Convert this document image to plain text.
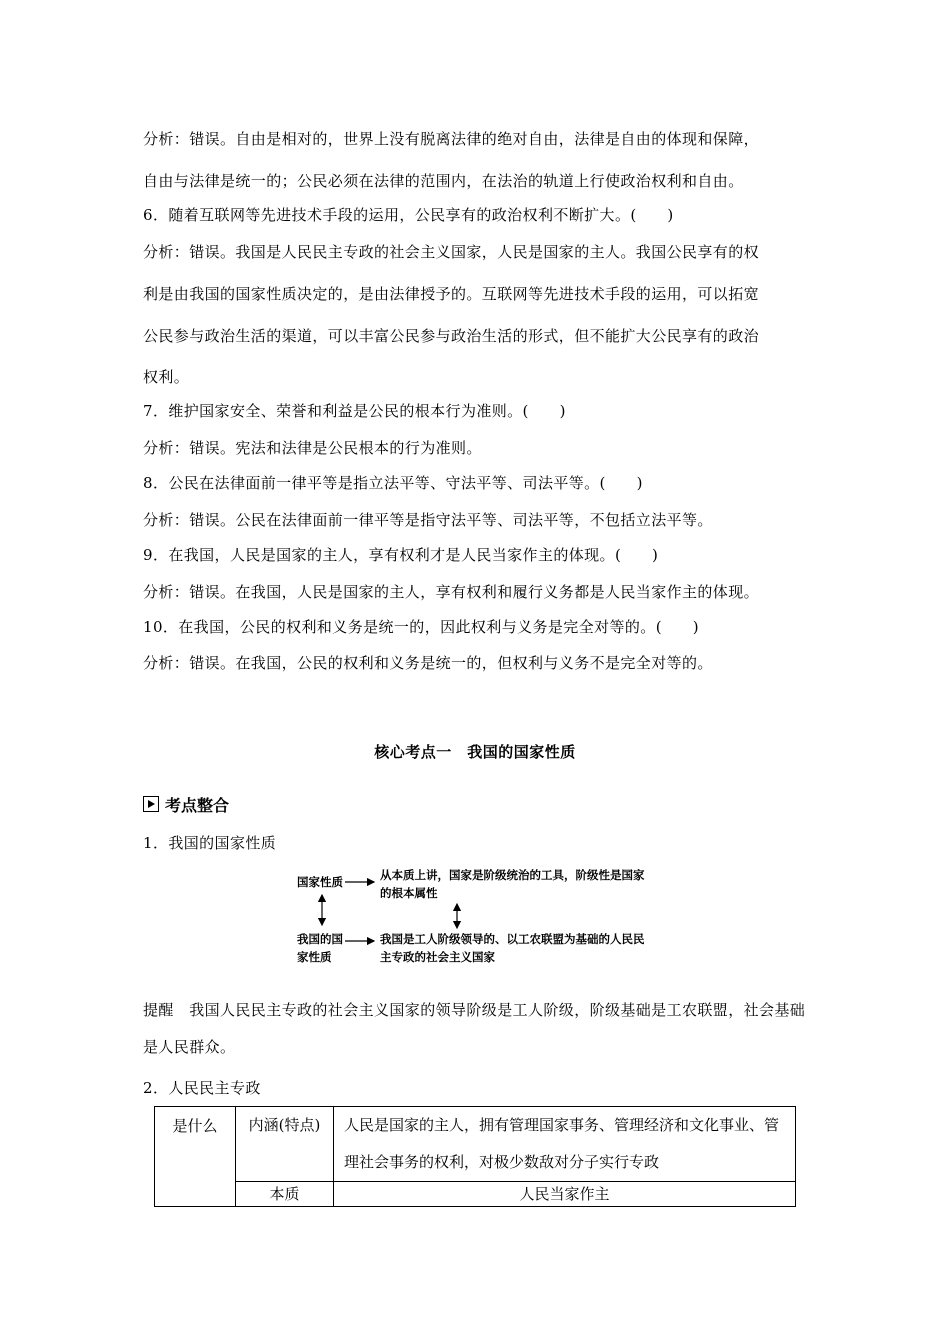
分析：错误。自由是相对的，世界上没有脱离法律的绝对自由，法律是自由的体现和保障，
自由与法律是统一的；公民必须在法律的范围内，在法治的轨道上行使政治权利和自由。
6．随着互联网等先进技术手段的运用，公民享有的政治权利不断扩大。(　　)
分析：错误。我国是人民民主专政的社会主义国家，人民是国家的主人。我国公民享有的权
利是由我国的国家性质决定的，是由法律授予的。互联网等先进技术手段的运用，可以拓宽
公民参与政治生活的渠道，可以丰富公民参与政治生活的形式，但不能扩大公民享有的政治
权利。
7．维护国家安全、荣誉和利益是公民的根本行为准则。(　　)
分析：错误。宪法和法律是公民根本的行为准则。
8．公民在法律面前一律平等是指立法平等、守法平等、司法平等。(　　)
分析：错误。公民在法律面前一律平等是指守法平等、司法平等，不包括立法平等。
9．在我国，人民是国家的主人，享有权利才是人民当家作主的体现。(　　)
分析：错误。在我国，人民是国家的主人，享有权利和履行义务都是人民当家作主的体现。
10．在我国，公民的权利和义务是统一的，因此权利与义务是完全对等的。(　　)
分析：错误。在我国，公民的权利和义务是统一的，但权利与义务不是完全对等的。
核心考点一　我国的国家性质
考点整合
1．我国的国家性质
国家性质	从本质上讲，国家是阶级统治的工具，阶级性是国家的根本属性
我国的国家性质
我国是工人阶级领导的、以工农联盟为基础的人民民主专政的社会主义国家
提醒　我国人民民主专政的社会主义国家的领导阶级是工人阶级，阶级基础是工农联盟，社会基础是人民群众。
2．人民民主专政
是什么	内涵(特点)	人民是国家的主人，拥有管理国家事务、管理经济和文化事业、管理社会事务的权利，对极少数敌对分子实行专政
	本质	人民当家作主
